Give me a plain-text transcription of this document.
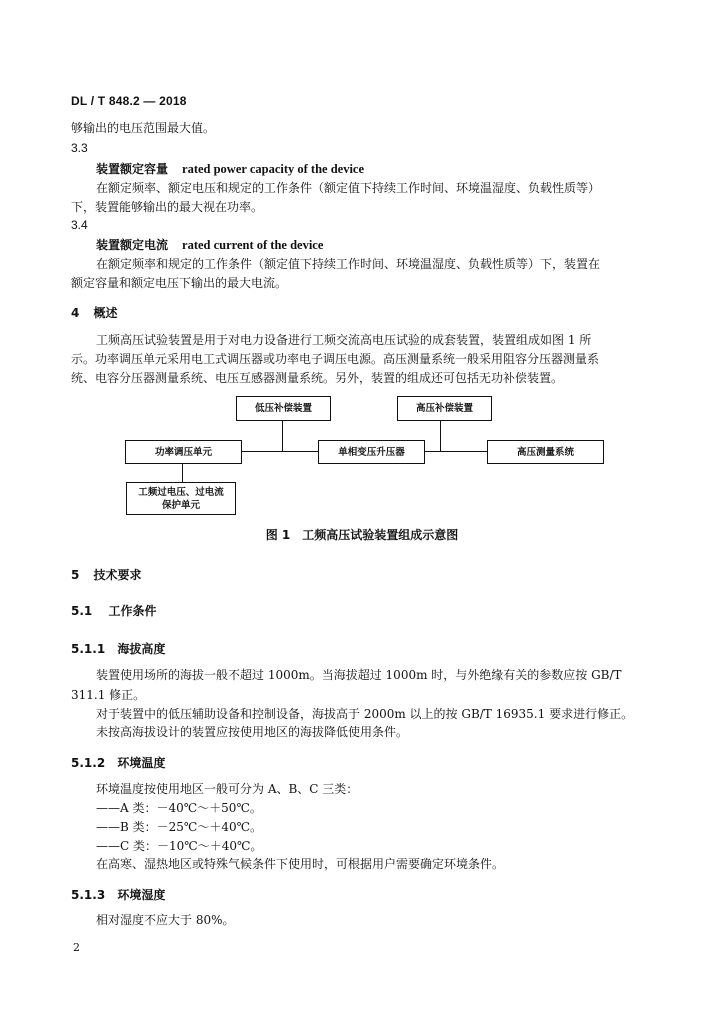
DL / T 848.2 — 2018
够输出的电压范围最大值。
3.3
装置额定容量 rated power capacity of the device
在额定频率、额定电压和规定的工作条件（额定值下持续工作时间、环境温湿度、负载性质等）
下，装置能够输出的最大视在功率。
3.4
装置额定电流 rated current of the device
在额定频率和规定的工作条件（额定值下持续工作时间、环境温湿度、负载性质等）下，装置在
额定容量和额定电压下输出的最大电流。
4 概述
工频高压试验装置是用于对电力设备进行工频交流高电压试验的成套装置，装置组成如图 1 所
示。功率调压单元采用电工式调压器或功率电子调压电源。高压测量系统一般采用阻容分压器测量系
统、电容分压器测量系统、电压互感器测量系统。另外，装置的组成还可包括无功补偿装置。
低压补偿装置	高压补偿装置
功率调压单元	单相变压升压器	高压测量系统
工频过电压、过电流
保护单元
图 1　工频高压试验装置组成示意图
5 技术要求
5.1 工作条件
5.1.1 海拔高度
装置使用场所的海拔一般不超过 1000m。当海拔超过 1000m 时，与外绝缘有关的参数应按 GB/T
311.1 修正。
对于装置中的低压辅助设备和控制设备，海拔高于 2000m 以上的按 GB/T 16935.1 要求进行修正。
未按高海拔设计的装置应按使用地区的海拔降低使用条件。
5.1.2 环境温度
环境温度按使用地区一般可分为 A、B、C 三类：
——A 类：－40℃～＋50℃。
——B 类：－25℃～＋40℃。
——C 类：－10℃～＋40℃。
在高寒、湿热地区或特殊气候条件下使用时，可根据用户需要确定环境条件。
5.1.3 环境湿度
相对湿度不应大于 80%。
2
